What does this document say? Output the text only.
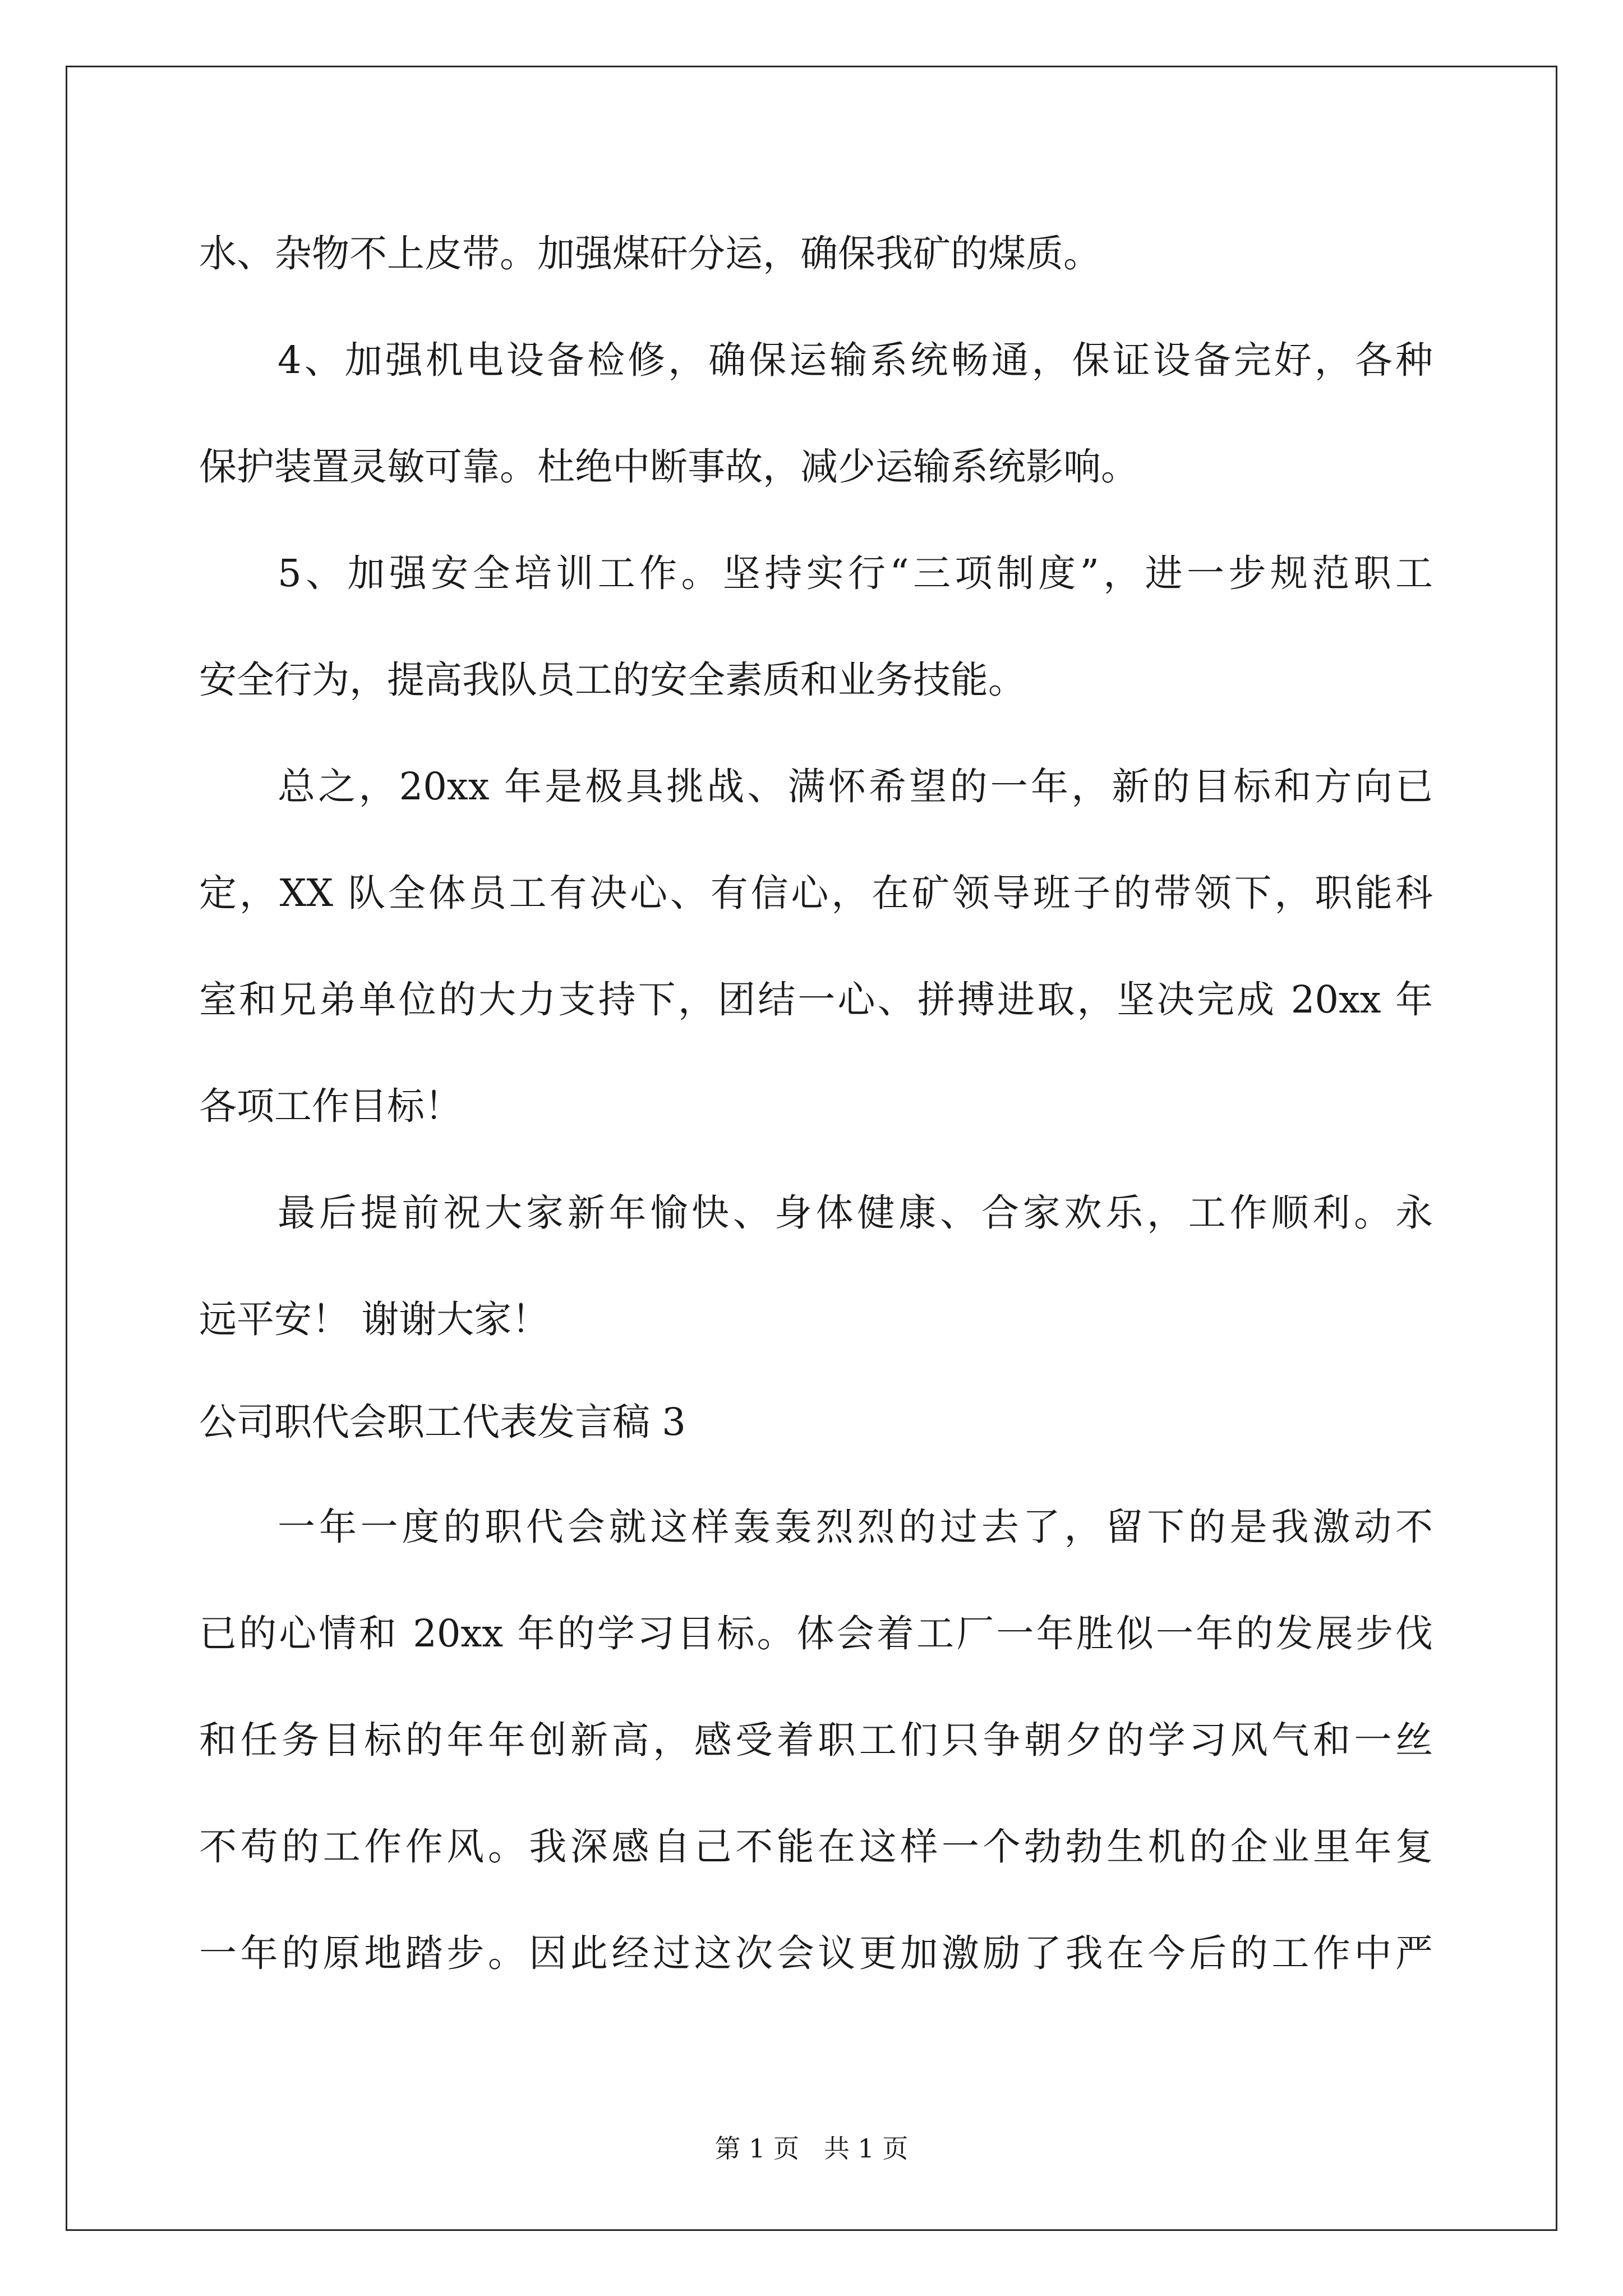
水、杂物不上皮带。加强煤矸分运，确保我矿的煤质。
4、加强机电设备检修，确保运输系统畅通，保证设备完好，各种
保护装置灵敏可靠。杜绝中断事故，减少运输系统影响。
5、加强安全培训工作。坚持实行“三项制度”，进一步规范职工
安全行为，提高我队员工的安全素质和业务技能。
总之，20xx 年是极具挑战、满怀希望的一年，新的目标和方向已
定，XX 队全体员工有决心、有信心，在矿领导班子的带领下，职能科
室和兄弟单位的大力支持下，团结一心、拼搏进取，坚决完成 20xx 年
各项工作目标！
最后提前祝大家新年愉快、身体健康、合家欢乐，工作顺利。永
远平安！ 谢谢大家！
公司职代会职工代表发言稿 3
一年一度的职代会就这样轰轰烈烈的过去了，留下的是我激动不
已的心情和 20xx 年的学习目标。体会着工厂一年胜似一年的发展步伐
和任务目标的年年创新高，感受着职工们只争朝夕的学习风气和一丝
不苟的工作作风。我深感自己不能在这样一个勃勃生机的企业里年复
一年的原地踏步。因此经过这次会议更加激励了我在今后的工作中严
第 1 页   共 1 页
